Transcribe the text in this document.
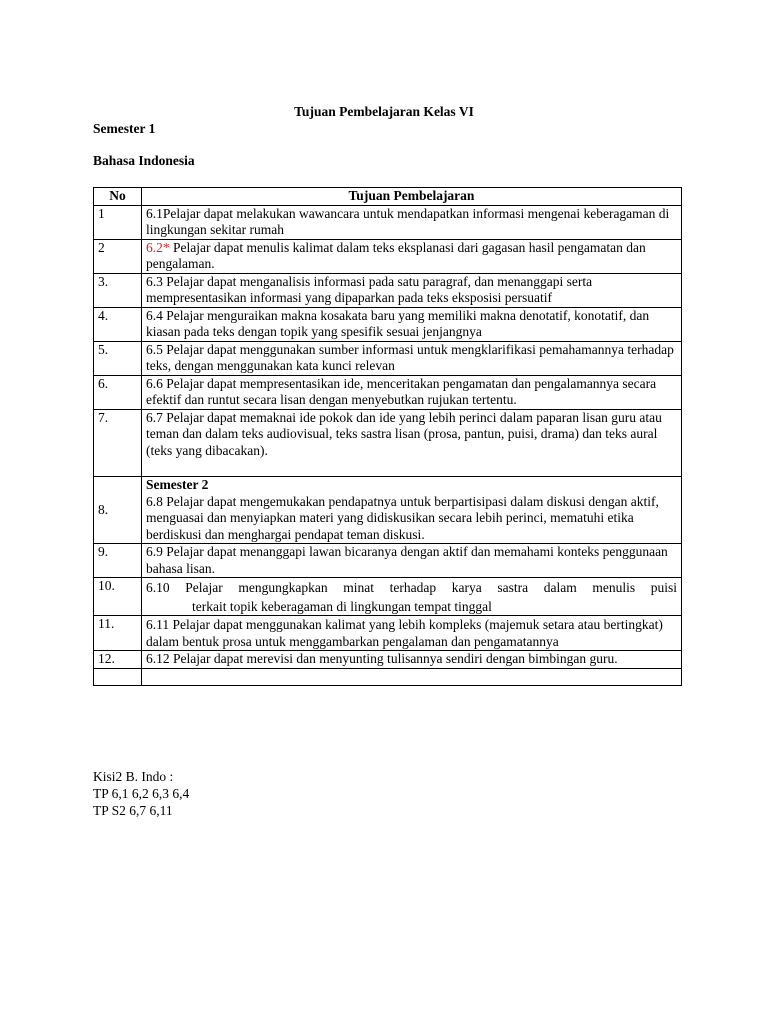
Tujuan Pembelajaran Kelas VI
Semester 1
Bahasa Indonesia
No	Tujuan Pembelajaran
1	6.1Pelajar dapat melakukan wawancara untuk mendapatkan informasi mengenai keberagaman di lingkungan sekitar rumah
2	6.2* Pelajar dapat menulis kalimat dalam teks eksplanasi dari gagasan hasil pengamatan dan pengalaman.
3.	6.3 Pelajar dapat menganalisis informasi pada satu paragraf, dan menanggapi serta mempresentasikan informasi yang dipaparkan pada teks eksposisi persuatif
4.	6.4 Pelajar menguraikan makna kosakata baru yang memiliki makna denotatif, konotatif, dan kiasan pada teks dengan topik yang spesifik sesuai jenjangnya
5.	6.5 Pelajar dapat menggunakan sumber informasi untuk mengklarifikasi pemahamannya terhadap teks, dengan menggunakan kata kunci relevan
6.	6.6 Pelajar dapat mempresentasikan ide, menceritakan pengamatan dan pengalamannya secara efektif dan runtut secara lisan dengan menyebutkan rujukan tertentu.
7.	6.7 Pelajar dapat memaknai ide pokok dan ide yang lebih perinci dalam paparan lisan guru atau teman dan dalam teks audiovisual, teks sastra lisan (prosa, pantun, puisi, drama) dan teks aural (teks yang dibacakan).
8.	Semester 2
6.8 Pelajar dapat mengemukakan pendapatnya untuk berpartisipasi dalam diskusi dengan aktif, menguasai dan menyiapkan materi yang didiskusikan secara lebih perinci, mematuhi etika berdiskusi dan menghargai pendapat teman diskusi.
9.	6.9 Pelajar dapat menanggapi lawan bicaranya dengan aktif dan memahami konteks penggunaan bahasa lisan.
10.	6.10 Pelajar mengungkapkan minat terhadap karya sastra dalam menulis puisi
terkait topik keberagaman di lingkungan tempat tinggal

11.	6.11 Pelajar dapat menggunakan kalimat yang lebih kompleks (majemuk setara atau bertingkat) dalam bentuk prosa untuk menggambarkan pengalaman dan pengamatannya
12.	6.12 Pelajar dapat merevisi dan menyunting tulisannya sendiri dengan bimbingan guru.

Kisi2 B. Indo :
TP 6,1 6,2 6,3 6,4
TP S2 6,7 6,11
